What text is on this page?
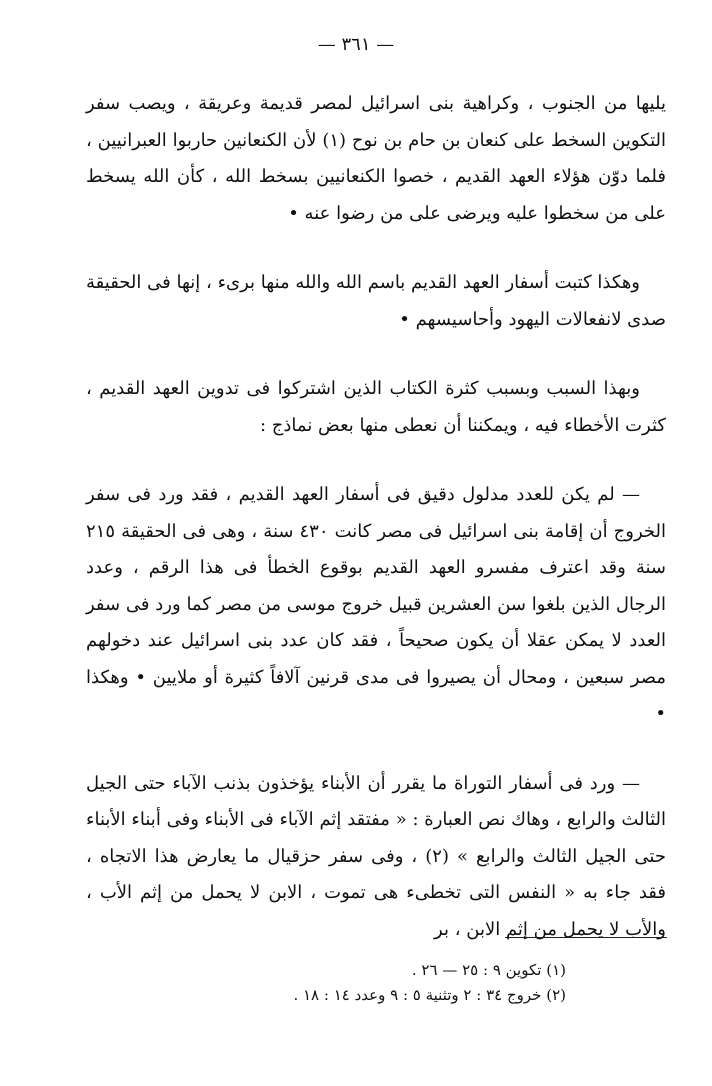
— ٣٦١ —

يليها من الجنوب ، وكراهية بنى اسرائيل لمصر قديمة وعريقة ، ويصب سفر التكوين السخط على كنعان بن حام بن نوح (١) لأن الكنعانين حاربوا العبرانيين ، فلما دوّن هؤلاء العهد القديم ، خصوا الكنعانيين بسخط الله ، كأن الله يسخط على من سخطوا عليه ويرضى على من رضوا عنه •

وهكذا كتبت أسفار العهد القديم باسم الله والله منها برىء ، إنها فى الحقيقة صدى لانفعالات اليهود وأحاسيسهم •

وبهذا السبب وبسبب كثرة الكتاب الذين اشتركوا فى تدوين العهد القديم ، كثرت الأخطاء فيه ، ويمكننا أن نعطى منها بعض نماذج :

— لم يكن للعدد مدلول دقيق فى أسفار العهد القديم ، فقد ورد فى سفر الخروج أن إقامة بنى اسرائيل فى مصر كانت ٤٣٠ سنة ، وهى فى الحقيقة ٢١٥ سنة وقد اعترف مفسرو العهد القديم بوقوع الخطأ فى هذا الرقم ، وعدد الرجال الذين بلغوا سن العشرين قبيل خروج موسى من مصر كما ورد فى سفر العدد لا يمكن عقلا أن يكون صحيحاً ، فقد كان عدد بنى اسرائيل عند دخولهم مصر سبعين ، ومحال أن يصيروا فى مدى قرنين آلافاً كثيرة أو ملايين • وهكذا •

— ورد فى أسفار التوراة ما يقرر أن الأبناء يؤخذون بذنب الآباء حتى الجيل الثالث والرابع ، وهاك نص العبارة : « مفتقد إثم الآباء فى الأبناء وفى أبناء الأبناء حتى الجيل الثالث والرابع » (٢) ، وفى سفر حزقيال ما يعارض هذا الاتجاه ، فقد جاء به « النفس التى تخطىء هى تموت ، الابن لا يحمل من إثم الأب ، والأب لا يحمل من إثم الابن ، بر

(١) تكوين ٩ : ٢٥ — ٢٦ .
(٢) خروج ٣٤ : ٢ وتثنية ٥ : ٩ وعدد ١٤ : ١٨ .
